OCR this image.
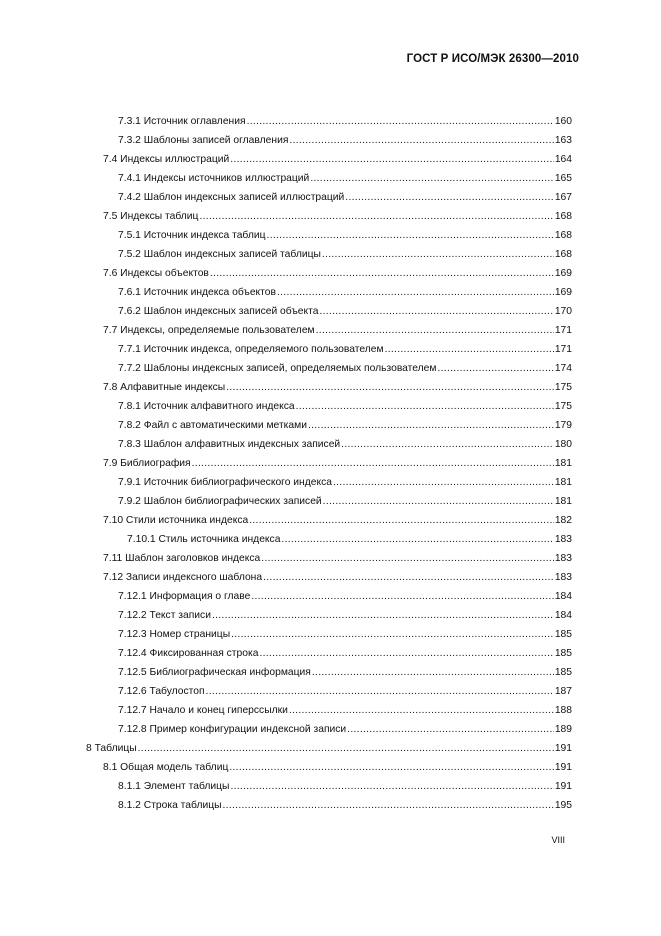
ГОСТ Р ИСО/МЭК 26300—2010
7.3.1 Источник оглавления .....	160
7.3.2 Шаблоны записей оглавления .....	163
7.4 Индексы иллюстраций .....	164
7.4.1 Индексы источников иллюстраций .....	165
7.4.2 Шаблон индексных записей иллюстраций .....	167
7.5 Индексы таблиц .....	168
7.5.1 Источник индекса таблиц .....	168
7.5.2 Шаблон индексных записей таблицы .....	168
7.6 Индексы объектов .....	169
7.6.1 Источник индекса объектов .....	169
7.6.2 Шаблон индексных записей объекта .....	170
7.7 Индексы, определяемые пользователем .....	171
7.7.1 Источник индекса, определяемого пользователем .....	171
7.7.2 Шаблоны индексных записей, определяемых пользователем .....	174
7.8 Алфавитные индексы .....	175
7.8.1 Источник алфавитного индекса .....	175
7.8.2 Файл с автоматическими метками .....	179
7.8.3 Шаблон алфавитных индексных записей .....	180
7.9 Библиография .....	181
7.9.1 Источник библиографического индекса .....	181
7.9.2 Шаблон библиографических записей .....	181
7.10 Стили источника индекса .....	182
7.10.1 Стиль источника индекса .....	183
7.11 Шаблон заголовков индекса .....	183
7.12 Записи индексного шаблона .....	183
7.12.1 Информация о главе .....	184
7.12.2 Текст записи .....	184
7.12.3 Номер страницы .....	185
7.12.4 Фиксированная строка .....	185
7.12.5 Библиографическая информация .....	185
7.12.6 Табулостоп .....	187
7.12.7 Начало и конец гиперссылки .....	188
7.12.8 Пример конфигурации индексной записи .....	189
8 Таблицы .....	191
8.1 Общая модель таблиц .....	191
8.1.1 Элемент таблицы .....	191
8.1.2 Строка таблицы .....	195
VIII
